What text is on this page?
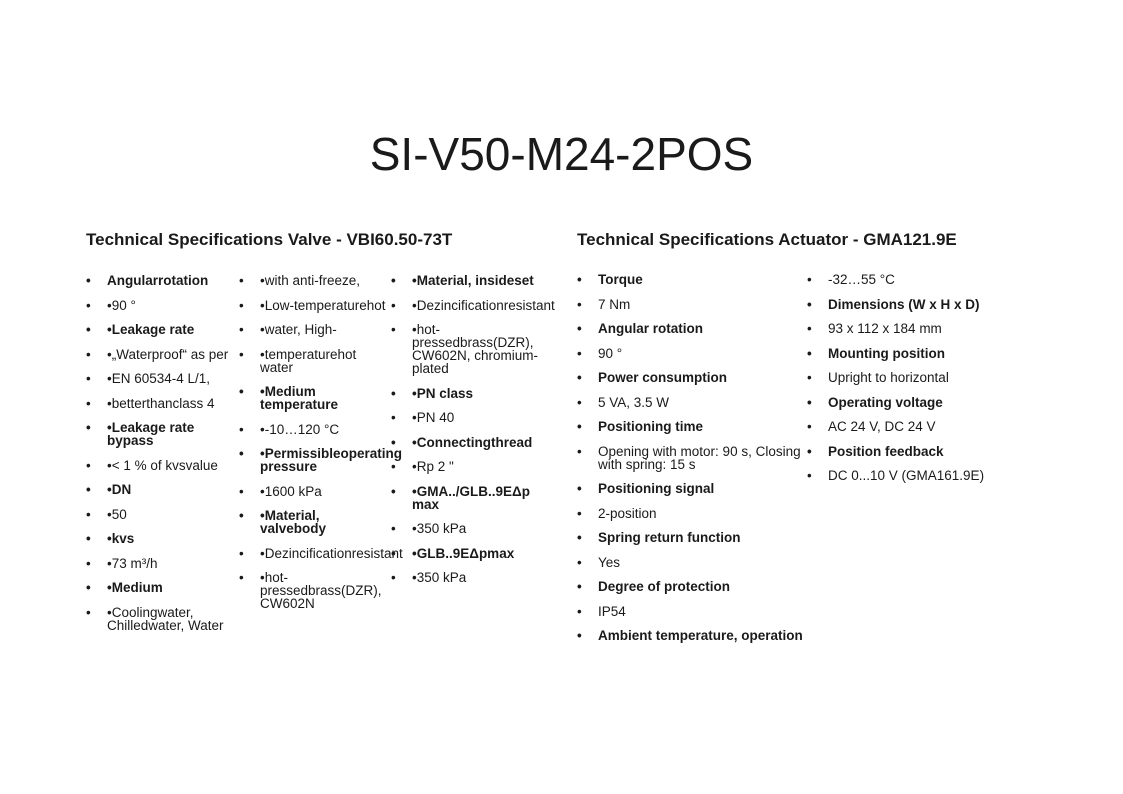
SI-V50-M24-2POS
Technical Specifications Valve - VBI60.50-73T	Technical Specifications Actuator - GMA121.9E
• Angularrotation
• •90 °
• •Leakage rate
• •„Waterproof“ as per
• •EN 60534-4 L/1,
• •betterthanclass 4
• •Leakage rate bypass
• •< 1 % of kvsvalue
• •DN
• •50
• •kvs
• •73 m³/h
• •Medium
• •Coolingwater, Chilledwater, Water
• •with anti-freeze,
• •Low-temperaturehot
• •water, High-
• •temperaturehot water
• •Medium temperature
• •-10…120 °C
• •Permissibleoperating pressure
• •1600 kPa
• •Material, valvebody
• •Dezincificationresistant
• •hot-pressedbrass(DZR), CW602N
• •Material, insideset
• •Dezincificationresistant
• •hot-pressedbrass(DZR), CW602N, chromium-plated
• •PN class
• •PN 40
• •Connectingthread
• •Rp 2 "
• •GMA../GLB..9EΔp max
• •350 kPa
• •GLB..9EΔpmax
• •350 kPa
• Torque
• 7 Nm
• Angular rotation
• 90 °
• Power consumption
• 5 VA, 3.5 W
• Positioning time
• Opening with motor: 90 s, Closing with spring: 15 s
• Positioning signal
• 2-position
• Spring return function
• Yes
• Degree of protection
• IP54
• Ambient temperature, operation
• -32…55 °C
• Dimensions (W x H x D)
• 93 x 112 x 184 mm
• Mounting position
• Upright to horizontal
• Operating voltage
• AC 24 V, DC 24 V
• Position feedback
• DC 0...10 V (GMA161.9E)
